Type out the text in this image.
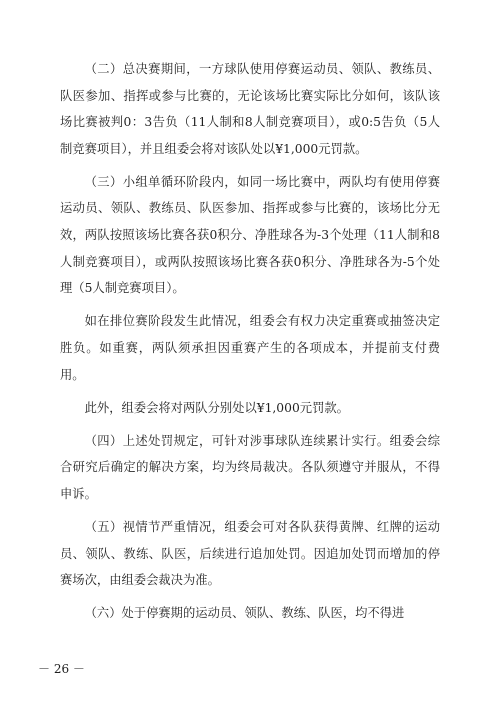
（二）总决赛期间，一方球队使用停赛运动员、领队、教练员、队医参加、指挥或参与比赛的，无论该场比赛实际比分如何，该队该场比赛被判0：3告负（11人制和8人制竞赛项目），或0:5告负（5人制竞赛项目），并且组委会将对该队处以¥1,000元罚款。

（三）小组单循环阶段内，如同一场比赛中，两队均有使用停赛运动员、领队、教练员、队医参加、指挥或参与比赛的，该场比分无效，两队按照该场比赛各获0积分、净胜球各为-3个处理（11人制和8人制竞赛项目），或两队按照该场比赛各获0积分、净胜球各为-5个处理（5人制竞赛项目）。

如在排位赛阶段发生此情况，组委会有权力决定重赛或抽签决定胜负。如重赛，两队须承担因重赛产生的各项成本，并提前支付费用。

此外，组委会将对两队分别处以¥1,000元罚款。

（四）上述处罚规定，可针对涉事球队连续累计实行。组委会综合研究后确定的解决方案，均为终局裁决。各队须遵守并服从，不得申诉。

（五）视情节严重情况，组委会可对各队获得黄牌、红牌的运动员、领队、教练、队医，后续进行追加处罚。因追加处罚而增加的停赛场次，由组委会裁决为准。

（六）处于停赛期的运动员、领队、教练、队医，均不得进

－ 26 －
